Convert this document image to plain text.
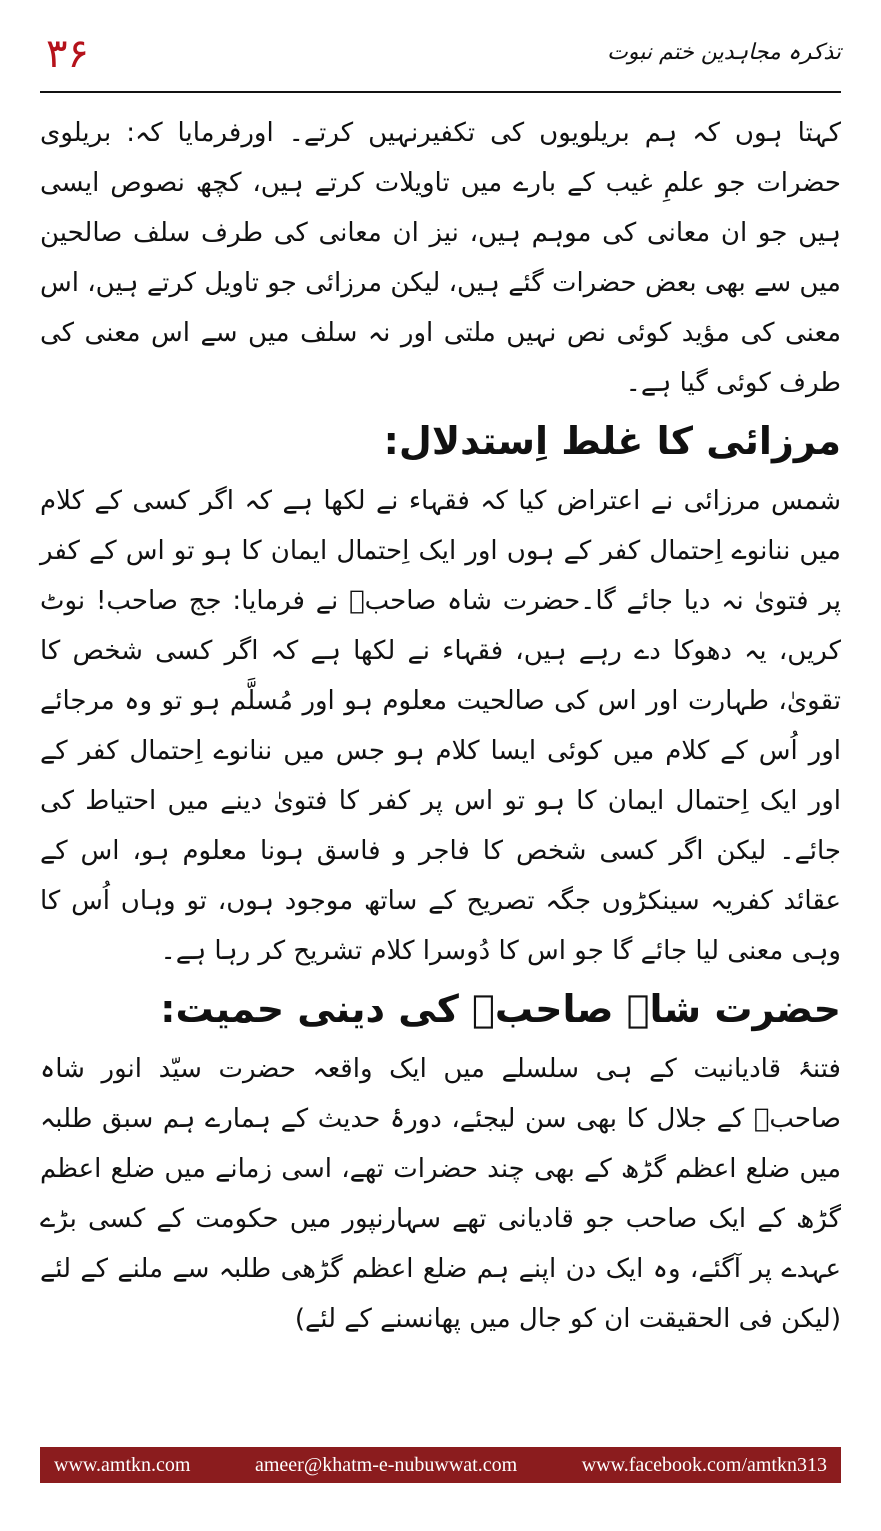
۳۶	تذکرہ مجاہدین ختم نبوت

کہتا ہوں کہ ہم بریلویوں کی تکفیرنہیں کرتے۔ اورفرمایا کہ: بریلوی حضرات جو علمِ غیب کے بارے میں تاویلات کرتے ہیں، کچھ نصوص ایسی ہیں جو ان معانی کی موہم ہیں، نیز ان معانی کی طرف سلف صالحین میں سے بھی بعض حضرات گئے ہیں، لیکن مرزائی جو تاویل کرتے ہیں، اس معنی کی مؤید کوئی نص نہیں ملتی اور نہ سلف میں سے اس معنی کی طرف کوئی گیا ہے۔

مرزائی کا غلط اِستدلال:

شمس مرزائی نے اعتراض کیا کہ فقہاء نے لکھا ہے کہ اگر کسی کے کلام میں ننانوے اِحتمال کفر کے ہوں اور ایک اِحتمال ایمان کا ہو تو اس کے کفر پر فتویٰ نہ دیا جائے گا۔حضرت شاہ صاحبؒ نے فرمایا: جج صاحب! نوٹ کریں، یہ دھوکا دے رہے ہیں، فقہاء نے لکھا ہے کہ اگر کسی شخص کا تقویٰ، طہارت اور اس کی صالحیت معلوم ہو اور مُسلَّم ہو تو وہ مرجائے اور اُس کے کلام میں کوئی ایسا کلام ہو جس میں ننانوے اِحتمال کفر کے اور ایک اِحتمال ایمان کا ہو تو اس پر کفر کا فتویٰ دینے میں احتیاط کی جائے۔ لیکن اگر کسی شخص کا فاجر و فاسق ہونا معلوم ہو، اس کے عقائد کفریہ سینکڑوں جگہ تصریح کے ساتھ موجود ہوں، تو وہاں اُس کا وہی معنی لیا جائے گا جو اس کا دُوسرا کلام تشریح کر رہا ہے۔

حضرت شاہ صاحبؒ کی دینی حمیت:

فتنۂ قادیانیت کے ہی سلسلے میں ایک واقعہ حضرت سیّد انور شاہ صاحبؒ کے جلال کا بھی سن لیجئے، دورۂ حدیث کے ہمارے ہم سبق طلبہ میں ضلع اعظم گڑھ کے بھی چند حضرات تھے، اسی زمانے میں ضلع اعظم گڑھ کے ایک صاحب جو قادیانی تھے سہارنپور میں حکومت کے کسی بڑے عہدے پر آگئے، وہ ایک دن اپنے ہم ضلع اعظم گڑھی طلبہ سے ملنے کے لئے (لیکن فی الحقیقت ان کو جال میں پھانسنے کے لئے)

www.amtkn.com	ameer@khatm-e-nubuwwat.com	www.facebook.com/amtkn313
